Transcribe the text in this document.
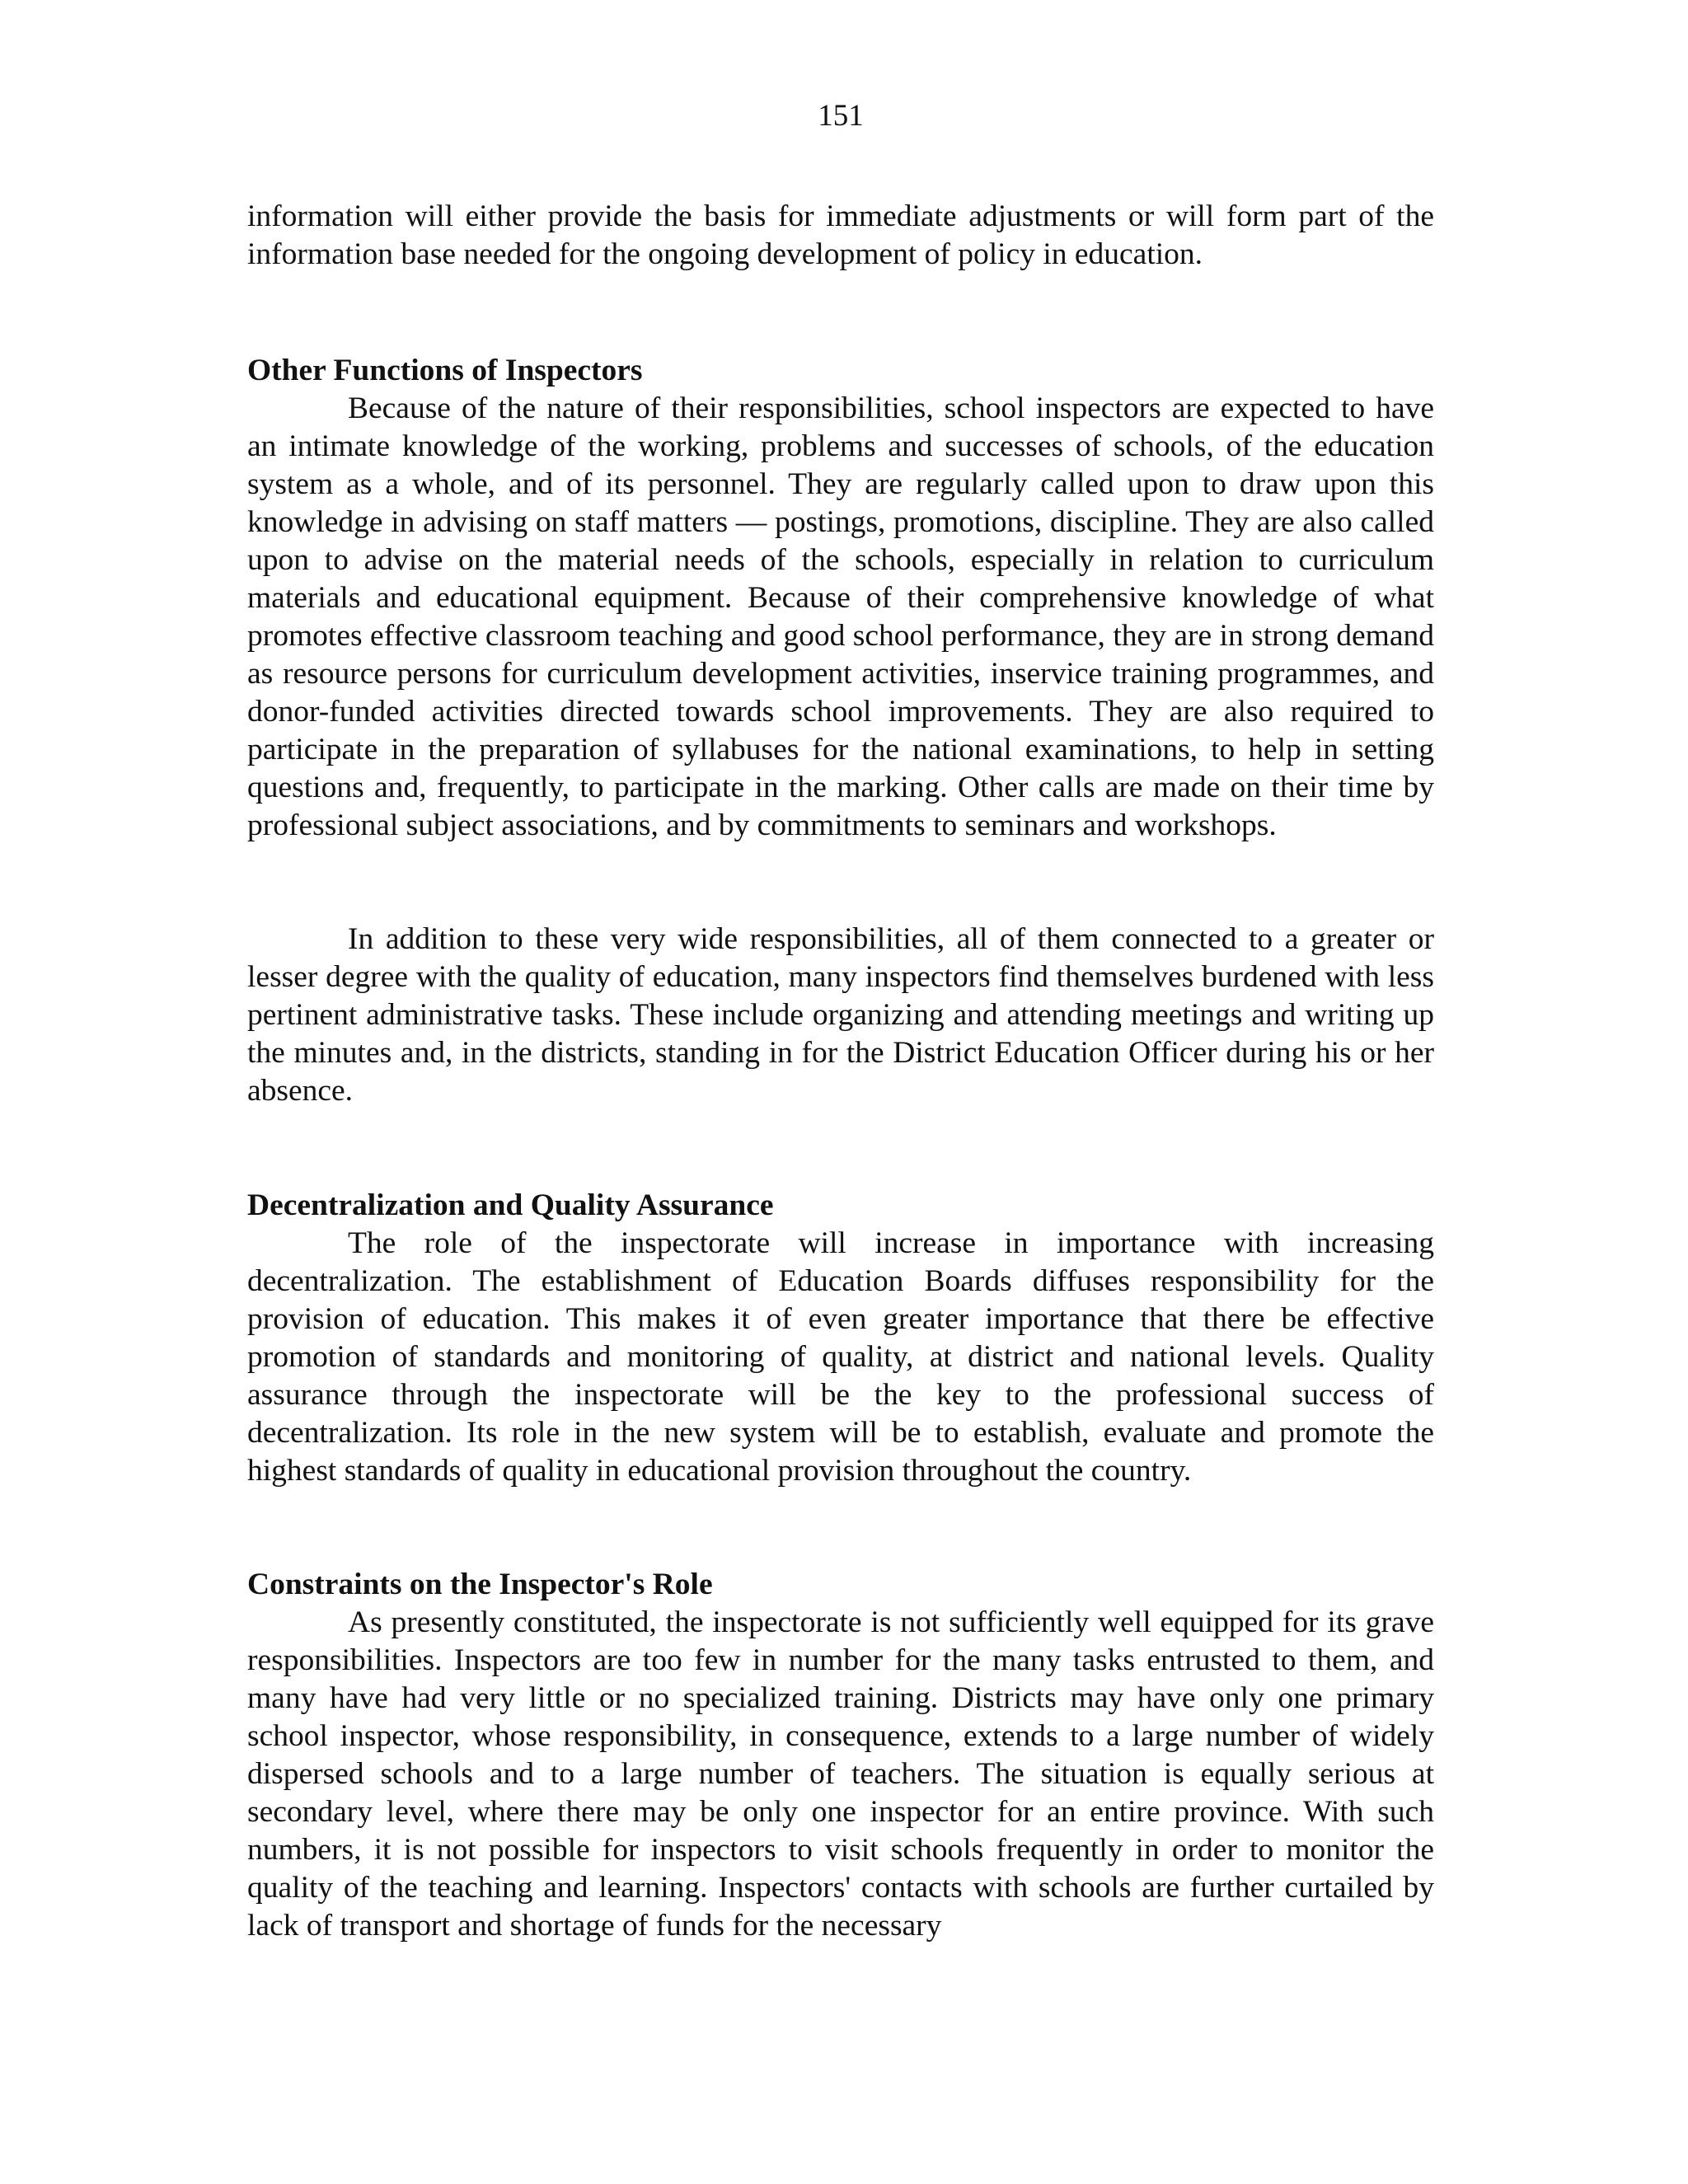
151

information will either provide the basis for immediate adjustments or will form part of the information base needed for the ongoing development of policy in education.

Other Functions of Inspectors

Because of the nature of their responsibilities, school inspectors are expected to have an intimate knowledge of the working, problems and successes of schools, of the education system as a whole, and of its personnel. They are regularly called upon to draw upon this knowledge in advising on staff matters — postings, promotions, discipline. They are also called upon to advise on the material needs of the schools, especially in relation to curriculum materials and educational equipment. Because of their comprehensive knowledge of what promotes effective classroom teaching and good school performance, they are in strong demand as resource persons for curriculum development activities, inservice training programmes, and donor-funded activities directed towards school improvements. They are also required to participate in the preparation of syllabuses for the national examinations, to help in setting questions and, frequently, to participate in the marking. Other calls are made on their time by professional subject associations, and by commitments to seminars and workshops.

In addition to these very wide responsibilities, all of them connected to a greater or lesser degree with the quality of education, many inspectors find themselves burdened with less pertinent administrative tasks. These include organizing and attending meetings and writing up the minutes and, in the districts, standing in for the District Education Officer during his or her absence.

Decentralization and Quality Assurance

The role of the inspectorate will increase in importance with increasing decentralization. The establishment of Education Boards diffuses responsibility for the provision of education. This makes it of even greater importance that there be effective promotion of standards and monitoring of quality, at district and national levels. Quality assurance through the inspectorate will be the key to the professional success of decentralization. Its role in the new system will be to establish, evaluate and promote the highest standards of quality in educational provision throughout the country.

Constraints on the Inspector's Role

As presently constituted, the inspectorate is not sufficiently well equipped for its grave responsibilities. Inspectors are too few in number for the many tasks entrusted to them, and many have had very little or no specialized training. Districts may have only one primary school inspector, whose responsibility, in consequence, extends to a large number of widely dispersed schools and to a large number of teachers. The situation is equally serious at secondary level, where there may be only one inspector for an entire province. With such numbers, it is not possible for inspectors to visit schools frequently in order to monitor the quality of the teaching and learning. Inspectors' contacts with schools are further curtailed by lack of transport and shortage of funds for the necessary
